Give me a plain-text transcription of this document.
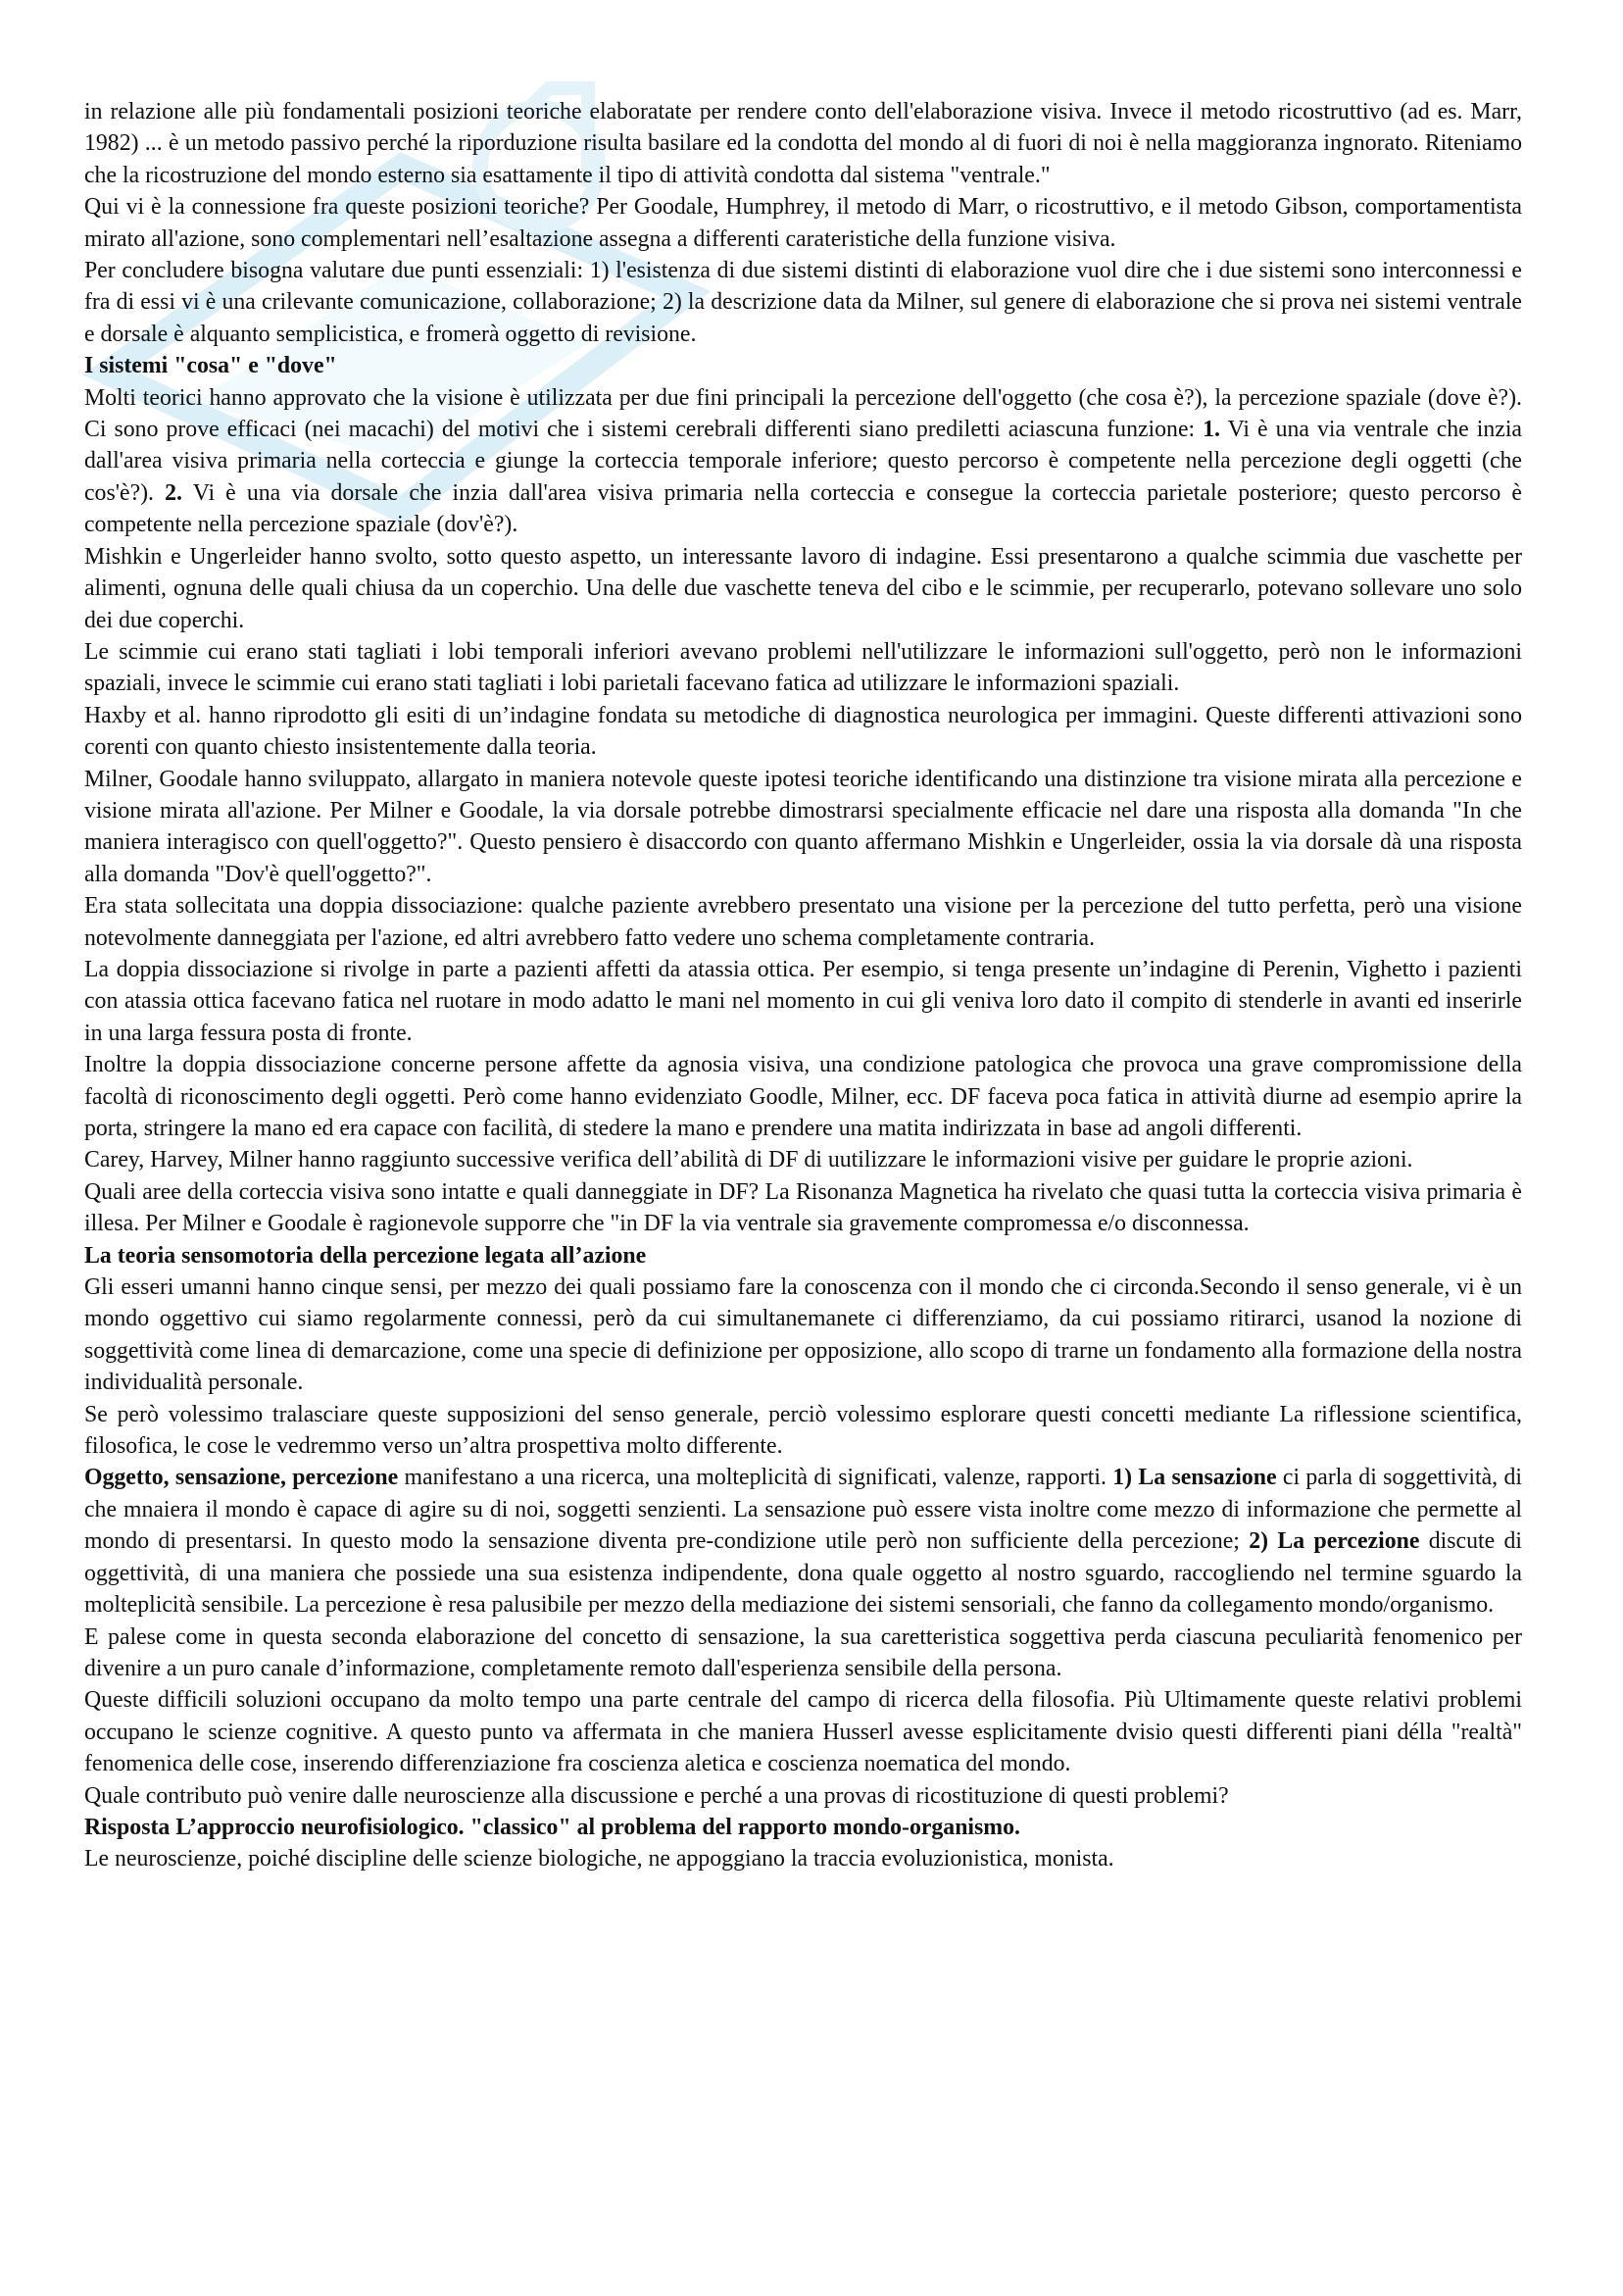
in relazione alle più fondamentali posizioni teoriche elaboratate per rendere conto dell'elaborazione visiva. Invece il metodo ricostruttivo (ad es. Marr, 1982) ... è un metodo passivo perché la riporduzione risulta basilare ed la condotta del mondo al di fuori di noi è nella maggioranza ingnorato. Riteniamo che la ricostruzione del mondo esterno sia esattamente il tipo di attività condotta dal sistema "ventrale."

Qui vi è la connessione fra queste posizioni teoriche? Per Goodale, Humphrey, il metodo di Marr, o ricostruttivo, e il metodo Gibson, comportamentista mirato all'azione, sono complementari nell’esaltazione assegna a differenti carateristiche della funzione visiva.

Per concludere bisogna valutare due punti essenziali: 1) l'esistenza di due sistemi distinti di elaborazione vuol dire che i due sistemi sono interconnessi e fra di essi vi è una crilevante comunicazione, collaborazione; 2) la descrizione data da Milner, sul genere di elaborazione che si prova nei sistemi ventrale e dorsale è alquanto semplicistica, e fromerà oggetto di revisione.

I sistemi "cosa" e "dove"

Molti teorici hanno approvato che la visione è utilizzata per due fini principali la percezione dell'oggetto (che cosa è?), la percezione spaziale (dove è?). Ci sono prove efficaci (nei macachi) del motivi che i sistemi cerebrali differenti siano prediletti aciascuna funzione: 1. Vi è una via ventrale che inzia dall'area visiva primaria nella corteccia e giunge la corteccia temporale inferiore; questo percorso è competente nella percezione degli oggetti (che cos'è?). 2. Vi è una via dorsale che inzia dall'area visiva primaria nella corteccia e consegue la corteccia parietale posteriore; questo percorso è competente nella percezione spaziale (dov'è?).

Mishkin e Ungerleider hanno svolto, sotto questo aspetto, un interessante lavoro di indagine. Essi presentarono a qualche scimmia due vaschette per alimenti, ognuna delle quali chiusa da un coperchio. Una delle due vaschette teneva del cibo e le scimmie, per recuperarlo, potevano sollevare uno solo dei due coperchi.

Le scimmie cui erano stati tagliati i lobi temporali inferiori avevano problemi nell'utilizzare le informazioni sull'oggetto, però non le informazioni spaziali, invece le scimmie cui erano stati tagliati i lobi parietali facevano fatica ad utilizzare le informazioni spaziali.

Haxby et al. hanno riprodotto gli esiti di un’indagine fondata su metodiche di diagnostica neurologica per immagini. Queste differenti attivazioni sono corenti con quanto chiesto insistentemente dalla teoria.

Milner, Goodale hanno sviluppato, allargato in maniera notevole queste ipotesi teoriche identificando una distinzione tra visione mirata alla percezione e visione mirata all'azione. Per Milner e Goodale, la via dorsale potrebbe dimostrarsi specialmente efficacie nel dare una risposta alla domanda "In che maniera interagisco con quell'oggetto?". Questo pensiero è disaccordo con quanto affermano Mishkin e Ungerleider, ossia la via dorsale dà una risposta alla domanda "Dov'è quell'oggetto?".

Era stata sollecitata una doppia dissociazione: qualche paziente avrebbero presentato una visione per la percezione del tutto perfetta, però una visione notevolmente danneggiata per l'azione, ed altri avrebbero fatto vedere uno schema completamente contraria.

La doppia dissociazione si rivolge in parte a pazienti affetti da atassia ottica. Per esempio, si tenga presente un’indagine di Perenin, Vighetto i pazienti con atassia ottica facevano fatica nel ruotare in modo adatto le mani nel momento in cui gli veniva loro dato il compito di stenderle in avanti ed inserirle in una larga fessura posta di fronte.

Inoltre la doppia dissociazione concerne persone affette da agnosia visiva, una condizione patologica che provoca una grave compromissione della facoltà di riconoscimento degli oggetti. Però come hanno evidenziato Goodle, Milner, ecc. DF faceva poca fatica in attività diurne ad esempio aprire la porta, stringere la mano ed era capace con facilità, di stedere la mano e prendere una matita indirizzata in base ad angoli differenti.

Carey, Harvey, Milner hanno raggiunto successive verifica dell’abilità di DF di uutilizzare le informazioni visive per guidare le proprie azioni.

Quali aree della corteccia visiva sono intatte e quali danneggiate in DF? La Risonanza Magnetica ha rivelato che quasi tutta la corteccia visiva primaria è illesa. Per Milner e Goodale è ragionevole supporre che "in DF la via ventrale sia gravemente compromessa e/o disconnessa.

La teoria sensomotoria della percezione legata all’azione

Gli esseri umanni hanno cinque sensi, per mezzo dei quali possiamo fare la conoscenza con il mondo che ci circonda.Secondo il senso generale, vi è un mondo oggettivo cui siamo regolarmente connessi, però da cui simultanemanete ci differenziamo, da cui possiamo ritirarci, usanod la nozione di soggettività come linea di demarcazione, come una specie di definizione per opposizione, allo scopo di trarne un fondamento alla formazione della nostra individualità personale.

Se però volessimo tralasciare queste supposizioni del senso generale, perciò volessimo esplorare questi concetti mediante La riflessione scientifica, filosofica, le cose le vedremmo verso un’altra prospettiva molto differente.

Oggetto, sensazione, percezione manifestano a una ricerca, una molteplicità di significati, valenze, rapporti. 1) La sensazione ci parla di soggettività, di che mnaiera il mondo è capace di agire su di noi, soggetti senzienti. La sensazione può essere vista inoltre come mezzo di informazione che permette al mondo di presentarsi. In questo modo la sensazione diventa pre-condizione utile però non sufficiente della percezione; 2) La percezione discute di oggettività, di una maniera che possiede una sua esistenza indipendente, dona quale oggetto al nostro sguardo, raccogliendo nel termine sguardo la molteplicità sensibile. La percezione è resa palusibile per mezzo della mediazione dei sistemi sensoriali, che fanno da collegamento mondo/organismo.

E palese come in questa seconda elaborazione del concetto di sensazione, la sua caretteristica soggettiva perda ciascuna peculiarità fenomenico per divenire a un puro canale d’informazione, completamente remoto dall'esperienza sensibile della persona.

Queste difficili soluzioni occupano da molto tempo una parte centrale del campo di ricerca della filosofia. Più Ultimamente queste relativi problemi occupano le scienze cognitive. A questo punto va affermata in che maniera Husserl avesse esplicitamente dvisio questi differenti piani délla "realtà" fenomenica delle cose, inserendo differenziazione fra coscienza aletica e coscienza noematica del mondo.

Quale contributo può venire dalle neuroscienze alla discussione e perché a una provas di ricostituzione di questi problemi?

Risposta L’approccio neurofisiologico. "classico" al problema del rapporto mondo-organismo.

Le neuroscienze, poiché discipline delle scienze biologiche, ne appoggiano la traccia evoluzionistica, monista.
